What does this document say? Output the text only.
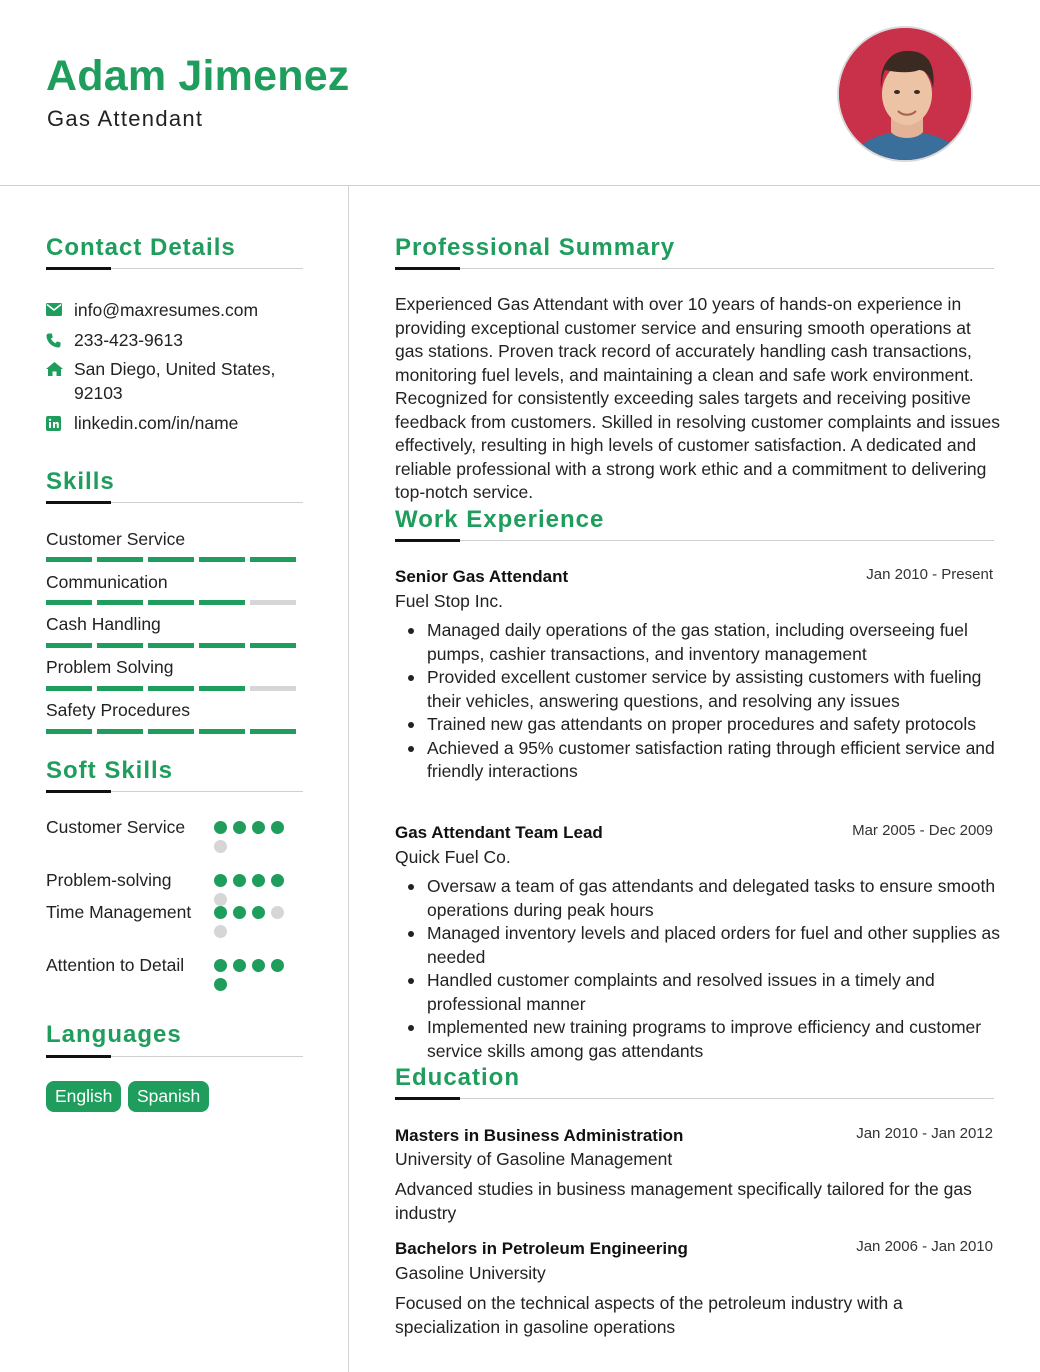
Adam Jimenez
Gas Attendant
Contact Details
info@maxresumes.com
233-423-9613
San Diego, United States, 92103
linkedin.com/in/name
Skills
Customer Service
Communication
Cash Handling
Problem Solving
Safety Procedures
Soft Skills
Customer Service
Problem-solving
Time Management
Attention to Detail
Languages
English	Spanish
Professional Summary
Experienced Gas Attendant with over 10 years of hands-on experience in providing exceptional customer service and ensuring smooth operations at gas stations. Proven track record of accurately handling cash transactions, monitoring fuel levels, and maintaining a clean and safe work environment. Recognized for consistently exceeding sales targets and receiving positive feedback from customers. Skilled in resolving customer complaints and issues effectively, resulting in high levels of customer satisfaction. A dedicated and reliable professional with a strong work ethic and a commitment to delivering top-notch service.
Work Experience
Senior Gas Attendant	Jan 2010 - Present
Fuel Stop Inc.
Managed daily operations of the gas station, including overseeing fuel pumps, cashier transactions, and inventory management
Provided excellent customer service by assisting customers with fueling their vehicles, answering questions, and resolving any issues
Trained new gas attendants on proper procedures and safety protocols
Achieved a 95% customer satisfaction rating through efficient service and friendly interactions
Gas Attendant Team Lead	Mar 2005 - Dec 2009
Quick Fuel Co.
Oversaw a team of gas attendants and delegated tasks to ensure smooth operations during peak hours
Managed inventory levels and placed orders for fuel and other supplies as needed
Handled customer complaints and resolved issues in a timely and professional manner
Implemented new training programs to improve efficiency and customer service skills among gas attendants
Education
Masters in Business Administration	Jan 2010 - Jan 2012
University of Gasoline Management
Advanced studies in business management specifically tailored for the gas industry
Bachelors in Petroleum Engineering	Jan 2006 - Jan 2010
Gasoline University
Focused on the technical aspects of the petroleum industry with a specialization in gasoline operations
